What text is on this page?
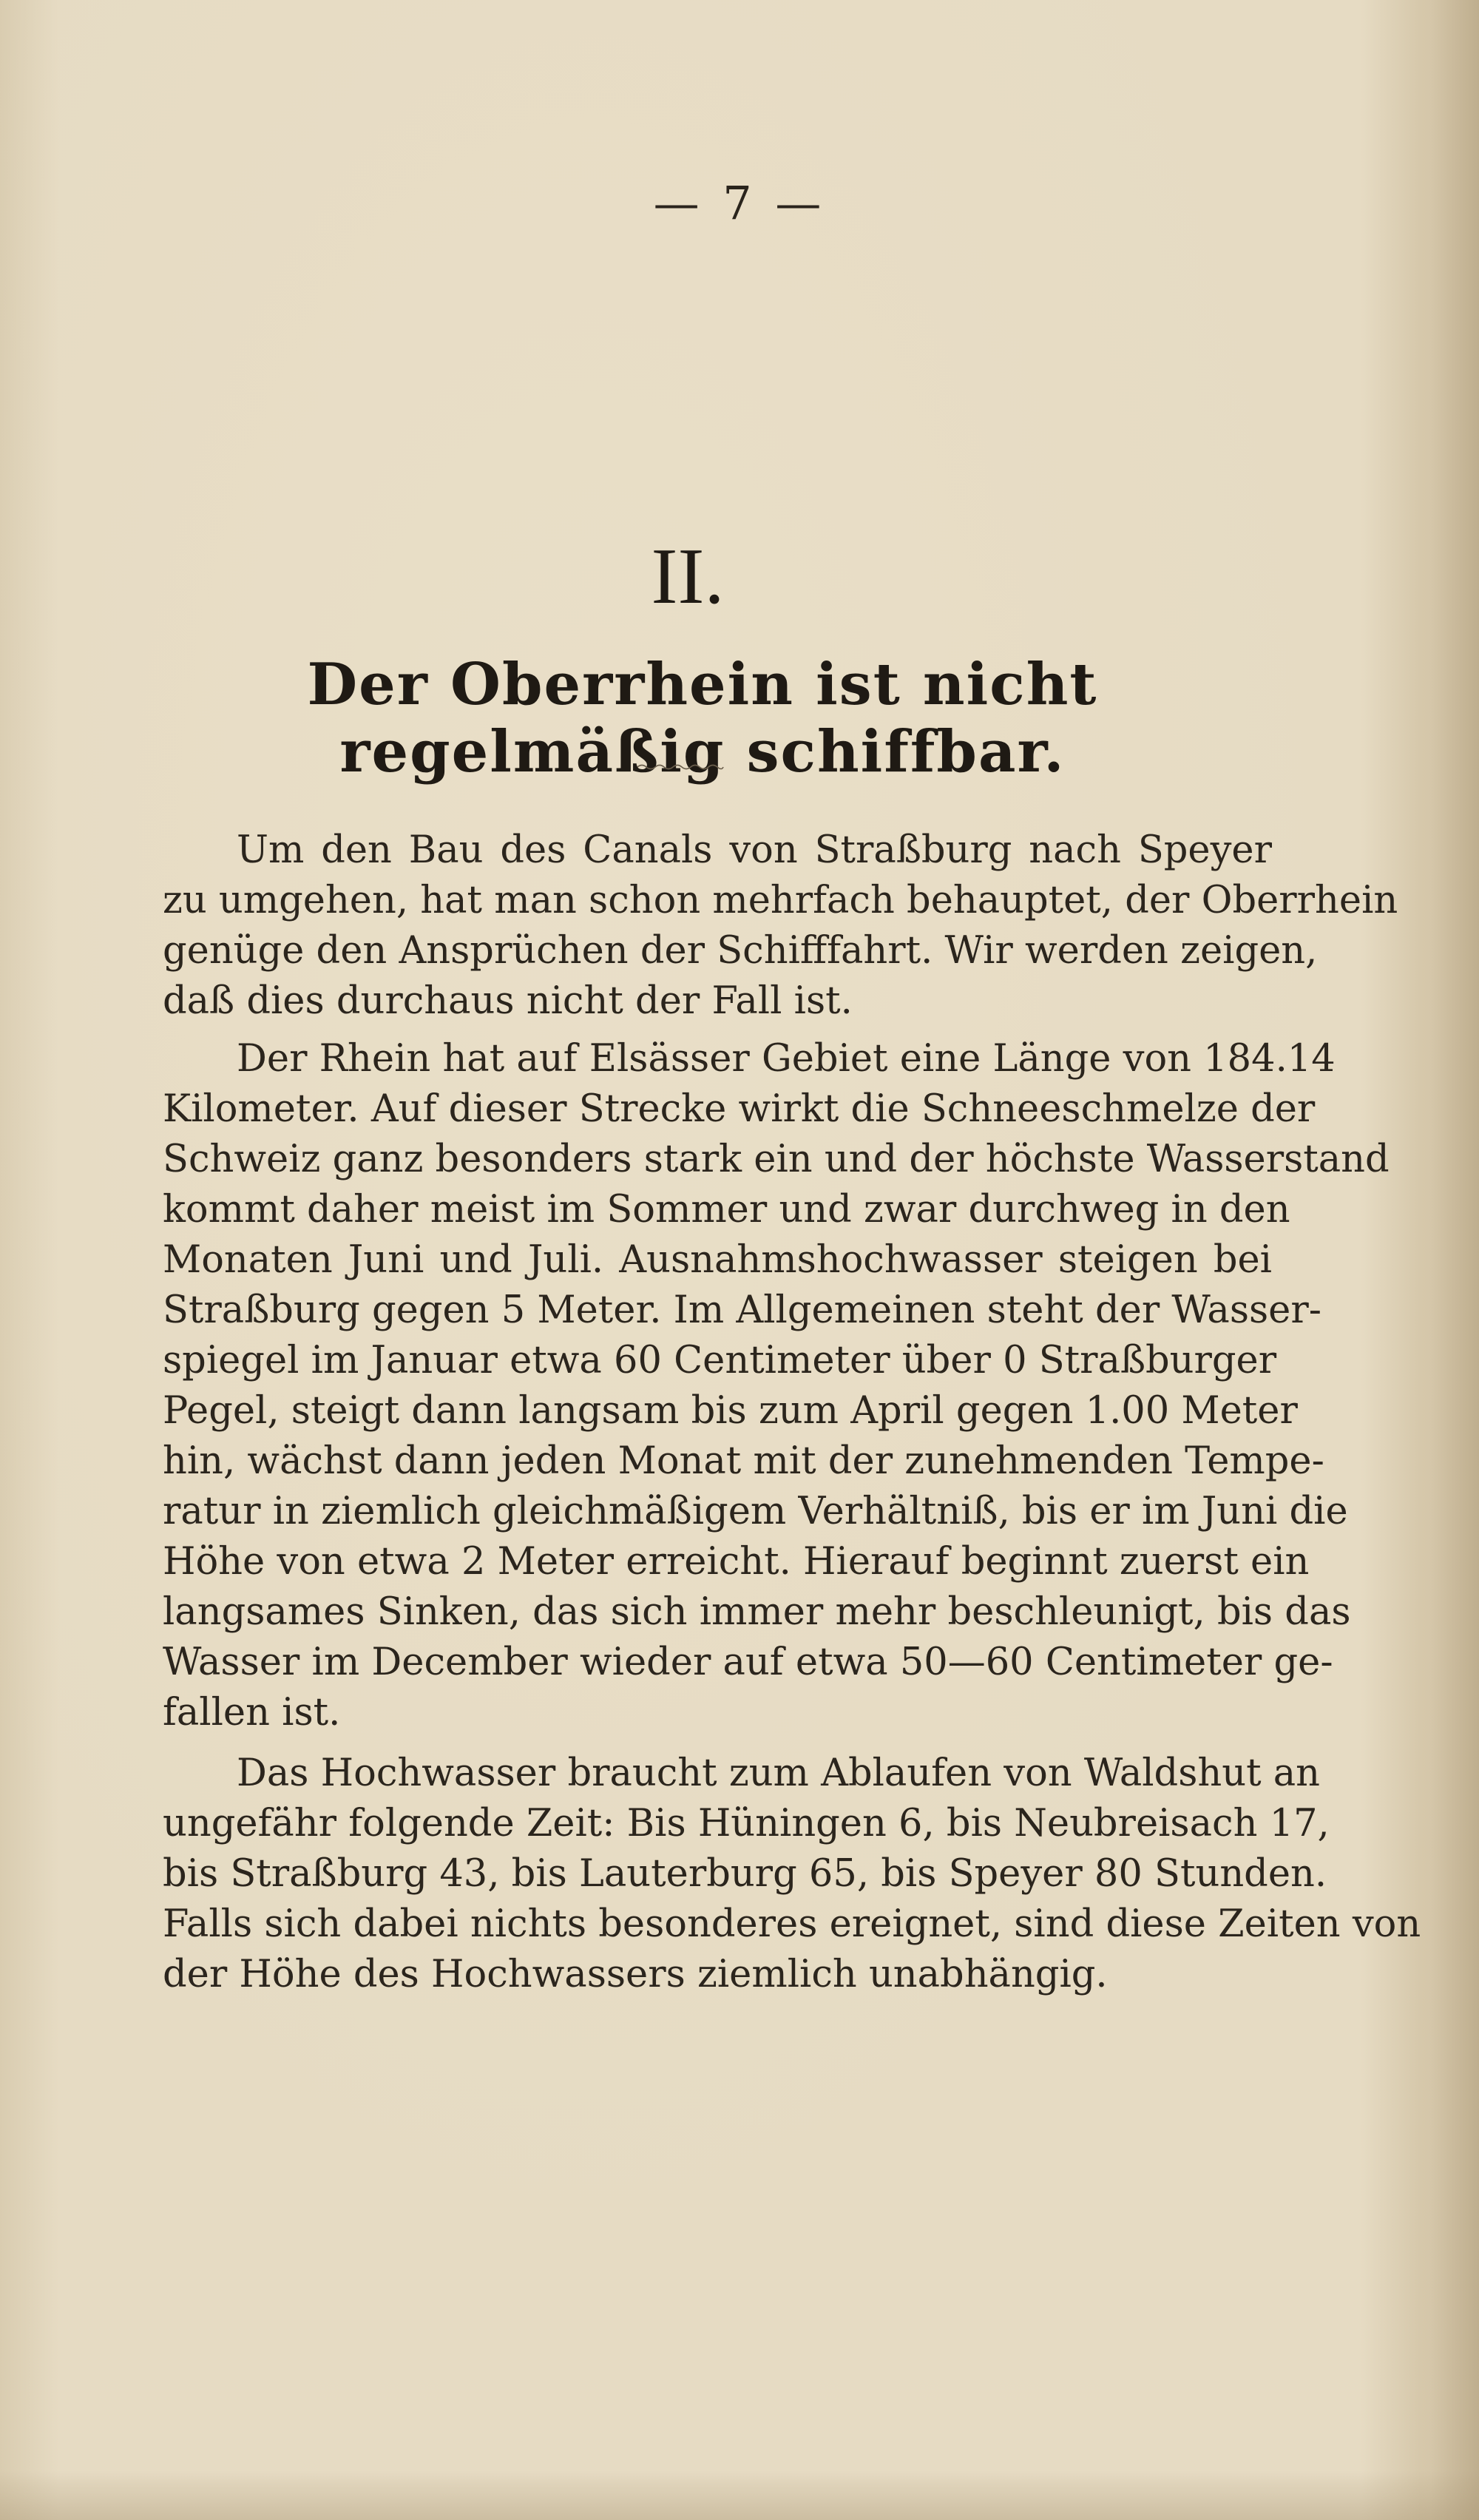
— 7 —
II.
Der Oberrhein ist nicht regelmäßig schiffbar.
Um den Bau des Canals von Straßburg nach Speyer
zu umgehen, hat man schon mehrfach behauptet, der Oberrhein
genüge den Ansprüchen der Schifffahrt. Wir werden zeigen,
daß dies durchaus nicht der Fall ist.
Der Rhein hat auf Elsässer Gebiet eine Länge von 184.14
Kilometer. Auf dieser Strecke wirkt die Schneeschmelze der
Schweiz ganz besonders stark ein und der höchste Wasserstand
kommt daher meist im Sommer und zwar durchweg in den
Monaten Juni und Juli. Ausnahmshochwasser steigen bei
Straßburg gegen 5 Meter. Im Allgemeinen steht der Wasser-
spiegel im Januar etwa 60 Centimeter über 0 Straßburger
Pegel, steigt dann langsam bis zum April gegen 1.00 Meter
hin, wächst dann jeden Monat mit der zunehmenden Tempe-
ratur in ziemlich gleichmäßigem Verhältniß, bis er im Juni die
Höhe von etwa 2 Meter erreicht. Hierauf beginnt zuerst ein
langsames Sinken, das sich immer mehr beschleunigt, bis das
Wasser im December wieder auf etwa 50—60 Centimeter ge-
fallen ist.
Das Hochwasser braucht zum Ablaufen von Waldshut an
ungefähr folgende Zeit: Bis Hüningen 6, bis Neubreisach 17,
bis Straßburg 43, bis Lauterburg 65, bis Speyer 80 Stunden.
Falls sich dabei nichts besonderes ereignet, sind diese Zeiten von
der Höhe des Hochwassers ziemlich unabhängig.
